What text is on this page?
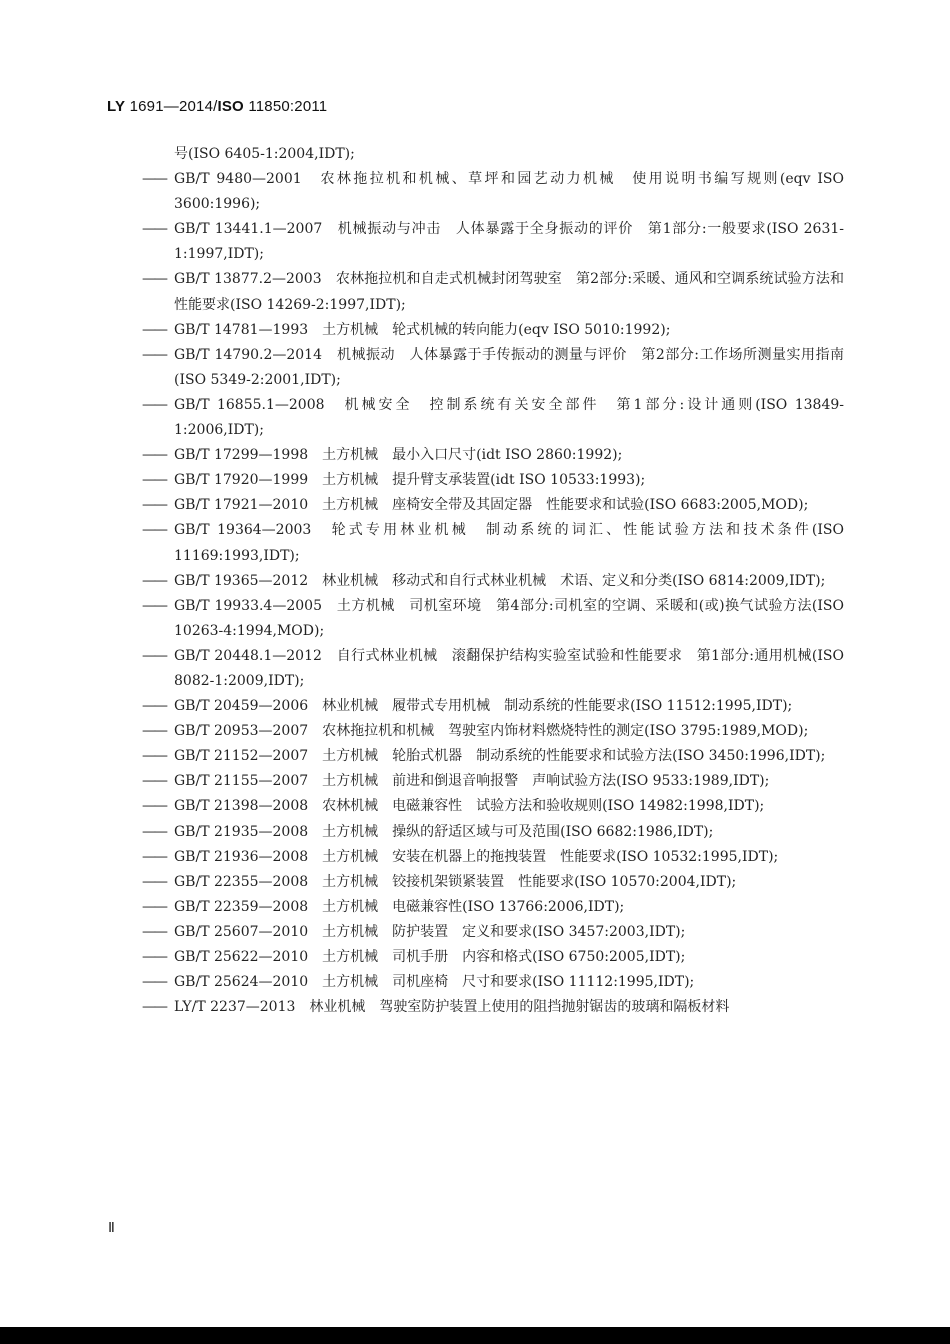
LY 1691—2014/ISO 11850:2011
号(ISO 6405-1:2004,IDT);
—— GB/T 9480—2001　农林拖拉机和机械、草坪和园艺动力机械　使用说明书编写规则(eqv ISO 3600:1996);
—— GB/T 13441.1—2007　机械振动与冲击　人体暴露于全身振动的评价　第1部分:一般要求(ISO 2631-1:1997,IDT);
—— GB/T 13877.2—2003　农林拖拉机和自走式机械封闭驾驶室　第2部分:采暖、通风和空调系统试验方法和性能要求(ISO 14269-2:1997,IDT);
—— GB/T 14781—1993　土方机械　轮式机械的转向能力(eqv ISO 5010:1992);
—— GB/T 14790.2—2014　机械振动　人体暴露于手传振动的测量与评价　第2部分:工作场所测量实用指南(ISO 5349-2:2001,IDT);
—— GB/T 16855.1—2008　机械安全　控制系统有关安全部件　第1部分:设计通则(ISO 13849-1:2006,IDT);
—— GB/T 17299—1998　土方机械　最小入口尺寸(idt ISO 2860:1992);
—— GB/T 17920—1999　土方机械　提升臂支承装置(idt ISO 10533:1993);
—— GB/T 17921—2010　土方机械　座椅安全带及其固定器　性能要求和试验(ISO 6683:2005,MOD);
—— GB/T 19364—2003　轮式专用林业机械　制动系统的词汇、性能试验方法和技术条件(ISO 11169:1993,IDT);
—— GB/T 19365—2012　林业机械　移动式和自行式林业机械　术语、定义和分类(ISO 6814:2009,IDT);
—— GB/T 19933.4—2005　土方机械　司机室环境　第4部分:司机室的空调、采暖和(或)换气试验方法(ISO 10263-4:1994,MOD);
—— GB/T 20448.1—2012　自行式林业机械　滚翻保护结构实验室试验和性能要求　第1部分:通用机械(ISO 8082-1:2009,IDT);
—— GB/T 20459—2006　林业机械　履带式专用机械　制动系统的性能要求(ISO 11512:1995,IDT);
—— GB/T 20953—2007　农林拖拉机和机械　驾驶室内饰材料燃烧特性的测定(ISO 3795:1989,MOD);
—— GB/T 21152—2007　土方机械　轮胎式机器　制动系统的性能要求和试验方法(ISO 3450:1996,IDT);
—— GB/T 21155—2007　土方机械　前进和倒退音响报警　声响试验方法(ISO 9533:1989,IDT);
—— GB/T 21398—2008　农林机械　电磁兼容性　试验方法和验收规则(ISO 14982:1998,IDT);
—— GB/T 21935—2008　土方机械　操纵的舒适区域与可及范围(ISO 6682:1986,IDT);
—— GB/T 21936—2008　土方机械　安装在机器上的拖拽装置　性能要求(ISO 10532:1995,IDT);
—— GB/T 22355—2008　土方机械　铰接机架锁紧装置　性能要求(ISO 10570:2004,IDT);
—— GB/T 22359—2008　土方机械　电磁兼容性(ISO 13766:2006,IDT);
—— GB/T 25607—2010　土方机械　防护装置　定义和要求(ISO 3457:2003,IDT);
—— GB/T 25622—2010　土方机械　司机手册　内容和格式(ISO 6750:2005,IDT);
—— GB/T 25624—2010　土方机械　司机座椅　尺寸和要求(ISO 11112:1995,IDT);
—— LY/T 2237—2013　林业机械　驾驶室防护装置上使用的阻挡抛射锯齿的玻璃和隔板材料
Ⅱ
